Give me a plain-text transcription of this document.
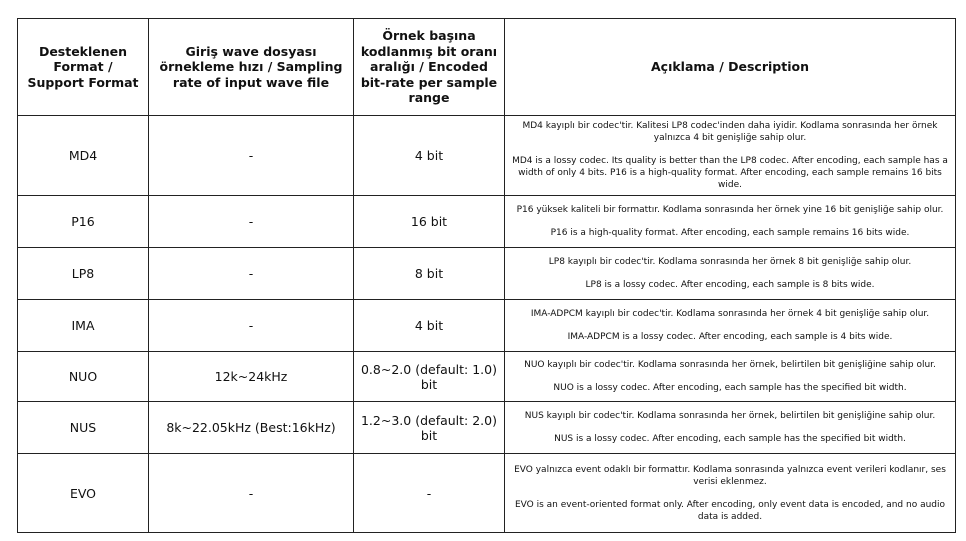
Desteklenen Format / Support Format	Giriş wave dosyası örnekleme hızı / Sampling rate of input wave file	Örnek başına kodlanmış bit oranı aralığı / Encoded bit-rate per sample range	Açıklama / Description
MD4	-	4 bit	MD4 kayıplı bir codec'tir. Kalitesi LP8 codec'inden daha iyidir. Kodlama sonrasında her örnek yalnızca 4 bit genişliğe sahip olur.

MD4 is a lossy codec. Its quality is better than the LP8 codec. After encoding, each sample has a width of only 4 bits. P16 is a high-quality format. After encoding, each sample remains 16 bits wide.

P16	-	16 bit	P16 yüksek kaliteli bir formattır. Kodlama sonrasında her örnek yine 16 bit genişliğe sahip olur.

P16 is a high-quality format. After encoding, each sample remains 16 bits wide.

LP8	-	8 bit	LP8 kayıplı bir codec'tir. Kodlama sonrasında her örnek 8 bit genişliğe sahip olur.

LP8 is a lossy codec. After encoding, each sample is 8 bits wide.

IMA	-	4 bit	IMA-ADPCM kayıplı bir codec'tir. Kodlama sonrasında her örnek 4 bit genişliğe sahip olur.

IMA-ADPCM is a lossy codec. After encoding, each sample is 4 bits wide.

NUO	12k~24kHz	0.8~2.0 (default: 1.0) bit	NUO kayıplı bir codec'tir. Kodlama sonrasında her örnek, belirtilen bit genişliğine sahip olur.

NUO is a lossy codec. After encoding, each sample has the specified bit width.

NUS	8k~22.05kHz (Best:16kHz)	1.2~3.0 (default: 2.0) bit	NUS kayıplı bir codec'tir. Kodlama sonrasında her örnek, belirtilen bit genişliğine sahip olur.

NUS is a lossy codec. After encoding, each sample has the specified bit width.

EVO	-	-	EVO yalnızca event odaklı bir formattır. Kodlama sonrasında yalnızca event verileri kodlanır, ses verisi eklenmez.

EVO is an event-oriented format only. After encoding, only event data is encoded, and no audio data is added.
